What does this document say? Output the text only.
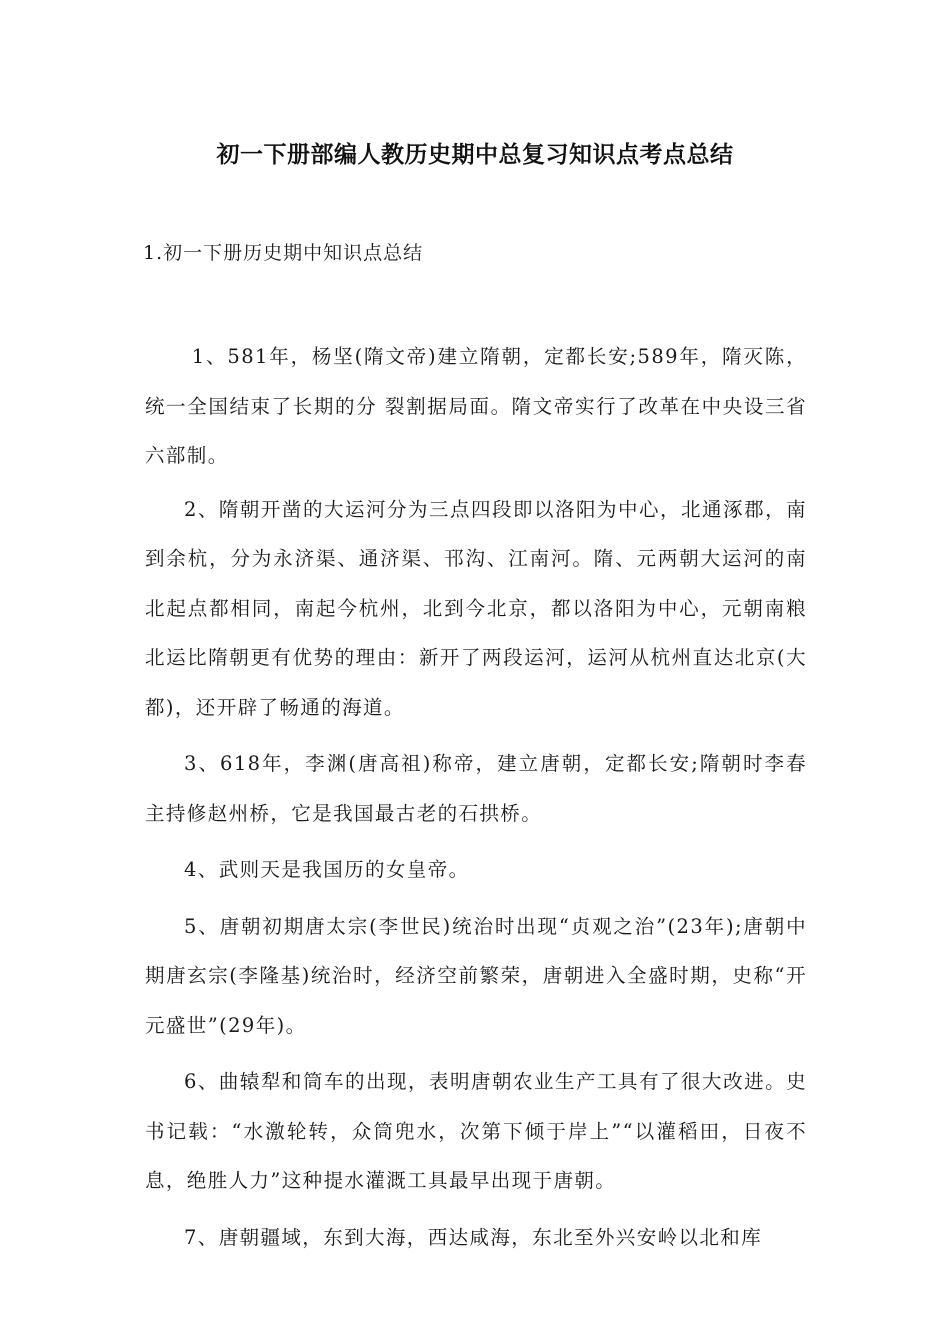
初一下册部编人教历史期中总复习知识点考点总结

1.初一下册历史期中知识点总结

1、581年，杨坚(隋文帝)建立隋朝，定都长安;589年，隋灭陈，统一全国结束了长期的分 裂割据局面。隋文帝实行了改革在中央设三省六部制。

2、隋朝开凿的大运河分为三点四段即以洛阳为中心，北通涿郡，南到余杭，分为永济渠、通济渠、邗沟、江南河。隋、元两朝大运河的南北起点都相同，南起今杭州，北到今北京，都以洛阳为中心，元朝南粮北运比隋朝更有优势的理由：新开了两段运河，运河从杭州直达北京(大都)，还开辟了畅通的海道。

3、618年，李渊(唐高祖)称帝，建立唐朝，定都长安;隋朝时李春主持修赵州桥，它是我国最古老的石拱桥。

4、武则天是我国历的女皇帝。

5、唐朝初期唐太宗(李世民)统治时出现“贞观之治”(23年);唐朝中期唐玄宗(李隆基)统治时，经济空前繁荣，唐朝进入全盛时期，史称“开元盛世”(29年)。

6、曲辕犁和筒车的出现，表明唐朝农业生产工具有了很大改进。史书记载：“水激轮转，众筒兜水，次第下倾于岸上”“以灌稻田，日夜不息，绝胜人力”这种提水灌溉工具最早出现于唐朝。

7、唐朝疆域，东到大海，西达咸海，东北至外兴安岭以北和库
